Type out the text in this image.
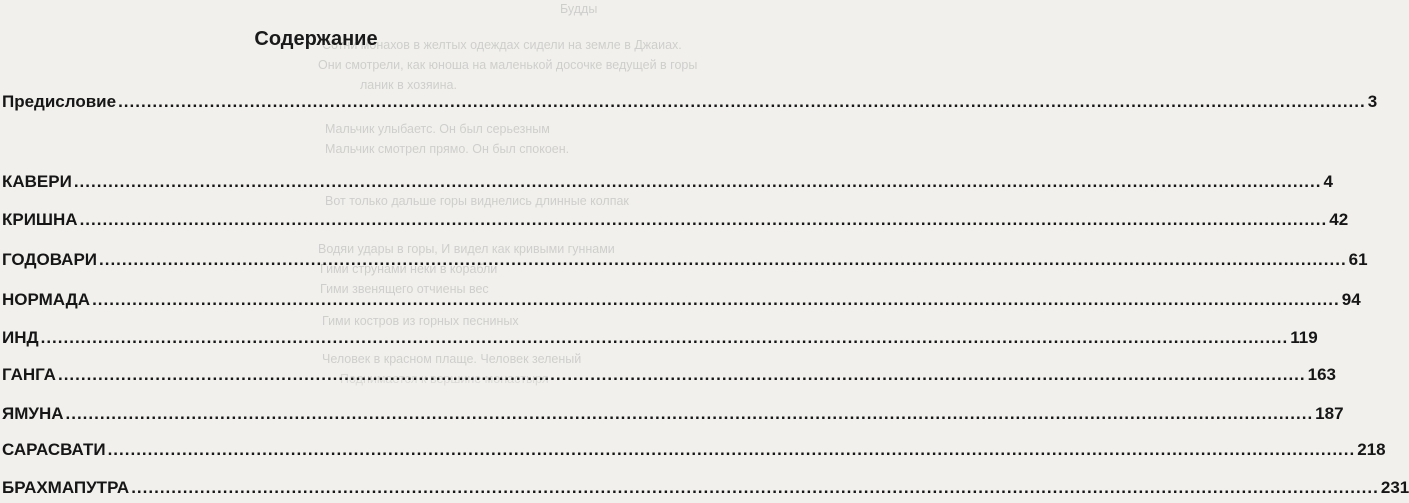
Будды
Сотни монахов в желтых одеждах сидели на земле в Джаиах.
Они смотрели, как юноша на маленькой досочке ведущей в горы
ланик в хозяина.
Мальчик улыбаетс. Он был серьезным
Мальчик смотрел прямо. Он был спокоен.
Вот только дальше горы виднелись длинные колпак
Водяи удары в горы, И видел как кривыми гуннами
Гими струнами неки в корабли
Гими звенящего отчиены вес
Гими костров из горных песниных
Человек в красном плаще. Человек зеленый
Поднимается к вершине монастыря
Содержание
Предисловие .....	3
КАВЕРИ .....	4
КРИШНА .....	42
ГОДОВАРИ .....	61
НОРМАДА .....	94
ИНД .....	119
ГАНГА .....	163
ЯМУНА .....	187
САРАСВАТИ .....	218
БРАХМАПУТРА .....	231
